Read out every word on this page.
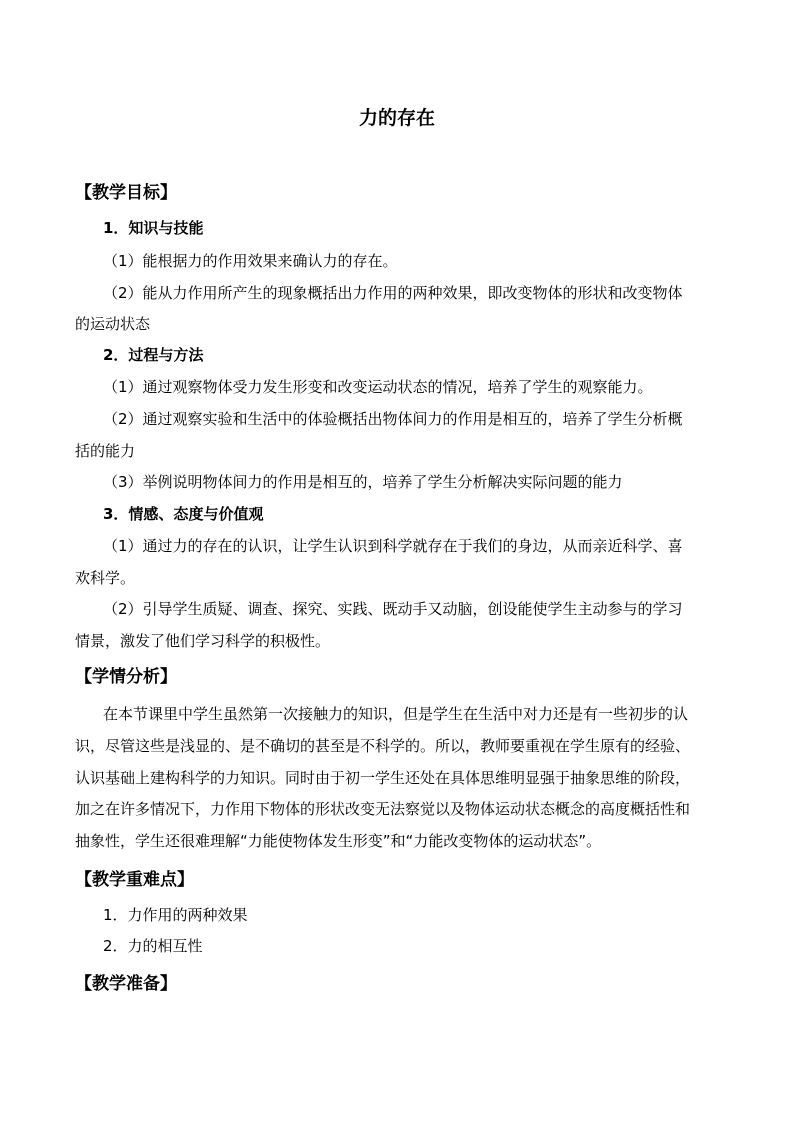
力的存在
【教学目标】
1．知识与技能
（1）能根据力的作用效果来确认力的存在。
（2）能从力作用所产生的现象概括出力作用的两种效果，即改变物体的形状和改变物体
的运动状态
2．过程与方法
（1）通过观察物体受力发生形变和改变运动状态的情况，培养了学生的观察能力。
（2）通过观察实验和生活中的体验概括出物体间力的作用是相互的，培养了学生分析概
括的能力
（3）举例说明物体间力的作用是相互的，培养了学生分析解决实际问题的能力
3．情感、态度与价值观
（1）通过力的存在的认识，让学生认识到科学就存在于我们的身边，从而亲近科学、喜
欢科学。
（2）引导学生质疑、调查、探究、实践、既动手又动脑，创设能使学生主动参与的学习
情景，激发了他们学习科学的积极性。
【学情分析】
在本节课里中学生虽然第一次接触力的知识，但是学生在生活中对力还是有一些初步的认
识，尽管这些是浅显的、是不确切的甚至是不科学的。所以，教师要重视在学生原有的经验、
认识基础上建构科学的力知识。同时由于初一学生还处在具体思维明显强于抽象思维的阶段，
加之在许多情况下，力作用下物体的形状改变无法察觉以及物体运动状态概念的高度概括性和
抽象性，学生还很难理解“力能使物体发生形变”和“力能改变物体的运动状态”。
【教学重难点】
1．力作用的两种效果
2．力的相互性
【教学准备】
